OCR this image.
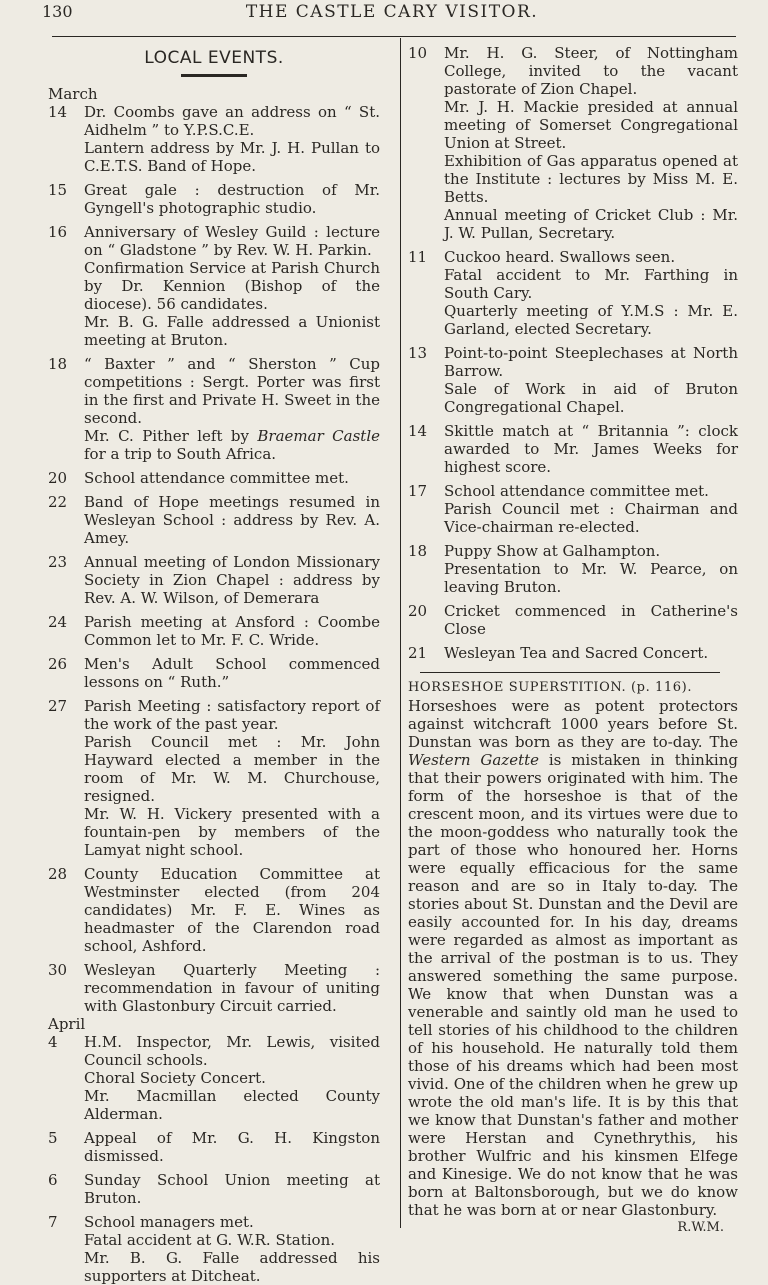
130	THE CASTLE CARY VISITOR.
LOCAL EVENTS.
March
14	Dr. Coombs gave an address on “ St. Aidhelm ” to Y.P.S.C.E.
Lantern address by Mr. J. H. Pullan to C.E.T.S. Band of Hope.
15	Great gale : destruction of Mr. Gyngell's photographic studio.
16	Anniversary of Wesley Guild : lecture on “ Gladstone ” by Rev. W. H. Parkin.
Confirmation Service at Parish Church by Dr. Kennion (Bishop of the diocese). 56 candidates.
Mr. B. G. Falle addressed a Unionist meeting at Bruton.
18	“ Baxter ” and “ Sherston ” Cup competitions : Sergt. Porter was first in the first and Private H. Sweet in the second.
Mr. C. Pither left by Braemar Castle for a trip to South Africa.
20	School attendance committee met.
22	Band of Hope meetings resumed in Wesleyan School : address by Rev. A. Amey.
23	Annual meeting of London Missionary Society in Zion Chapel : address by Rev. A. W. Wilson, of Demerara
24	Parish meeting at Ansford : Coombe Common let to Mr. F. C. Wride.
26	Men's Adult School commenced lessons on “ Ruth.”
27	Parish Meeting : satisfactory report of the work of the past year.
Parish Council met : Mr. John Hayward elected a member in the room of Mr. W. M. Churchouse, resigned.
Mr. W. H. Vickery presented with a fountain-pen by members of the Lamyat night school.
28	County Education Committee at Westminster elected (from 204 candidates) Mr. F. E. Wines as headmaster of the Clarendon road school, Ashford.
30	Wesleyan Quarterly Meeting : recommendation in favour of uniting with Glastonbury Circuit carried.
April
4	H.M. Inspector, Mr. Lewis, visited Council schools.
Choral Society Concert.
Mr. Macmillan elected County Alderman.
5	Appeal of Mr. G. H. Kingston dismissed.
6	Sunday School Union meeting at Bruton.
7	School managers met.
Fatal accident at G. W.R. Station.
Mr. B. G. Falle addressed his supporters at Ditcheat.
10	Mr. H. G. Steer, of Nottingham College, invited to the vacant pastorate of Zion Chapel.
Mr. J. H. Mackie presided at annual meeting of Somerset Congregational Union at Street.
Exhibition of Gas apparatus opened at the Institute : lectures by Miss M. E. Betts.
Annual meeting of Cricket Club : Mr. J. W. Pullan, Secretary.
11	Cuckoo heard. Swallows seen.
Fatal accident to Mr. Farthing in South Cary.
Quarterly meeting of Y.M.S : Mr. E. Garland, elected Secretary.
13	Point-to-point Steeplechases at North Barrow.
Sale of Work in aid of Bruton Congregational Chapel.
14	Skittle match at “ Britannia ”: clock awarded to Mr. James Weeks for highest score.
17	School attendance committee met.
Parish Council met : Chairman and Vice-chairman re-elected.
18	Puppy Show at Galhampton.
Presentation to Mr. W. Pearce, on leaving Bruton.
20	Cricket commenced in Catherine's Close
21	Wesleyan Tea and Sacred Concert.
HORSESHOE SUPERSTITION. (p. 116).
Horseshoes were as potent protectors against witchcraft 1000 years before St. Dunstan was born as they are to-day. The Western Gazette is mistaken in thinking that their powers originated with him. The form of the horseshoe is that of the crescent moon, and its virtues were due to the moon-goddess who naturally took the part of those who honoured her. Horns were equally efficacious for the same reason and are so in Italy to-day. The stories about St. Dunstan and the Devil are easily accounted for. In his day, dreams were regarded as almost as important as the arrival of the postman is to us. They answered something the same purpose. We know that when Dunstan was a venerable and saintly old man he used to tell stories of his childhood to the children of his household. He naturally told them those of his dreams which had been most vivid. One of the children when he grew up wrote the old man's life. It is by this that we know that Dunstan's father and mother were Herstan and Cynethrythis, his brother Wulfric and his kinsmen Elfege and Kinesige. We do not know that he was born at Baltonsborough, but we do know that he was born at or near Glastonbury.
R.W.M.
